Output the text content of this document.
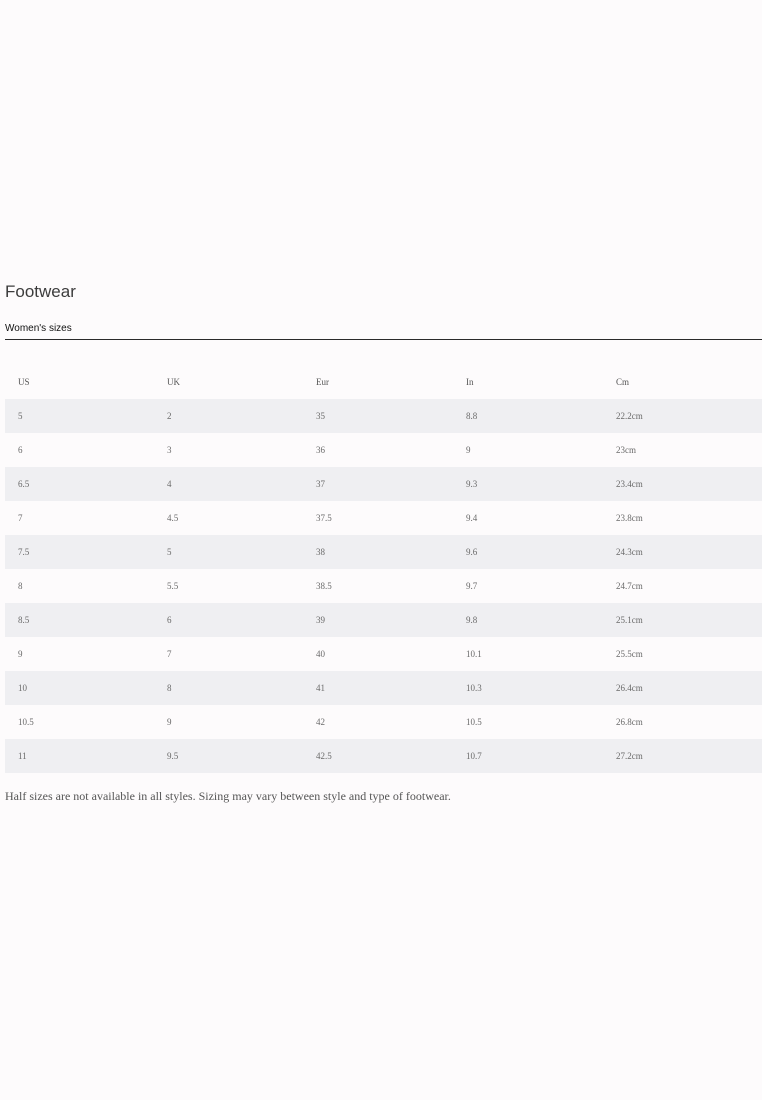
Footwear
Women's sizes
US	UK	Eur	In	Cm
5	2	35	8.8	22.2cm
6	3	36	9	23cm
6.5	4	37	9.3	23.4cm
7	4.5	37.5	9.4	23.8cm
7.5	5	38	9.6	24.3cm
8	5.5	38.5	9.7	24.7cm
8.5	6	39	9.8	25.1cm
9	7	40	10.1	25.5cm
10	8	41	10.3	26.4cm
10.5	9	42	10.5	26.8cm
11	9.5	42.5	10.7	27.2cm

Half sizes are not available in all styles. Sizing may vary between style and type of footwear.
